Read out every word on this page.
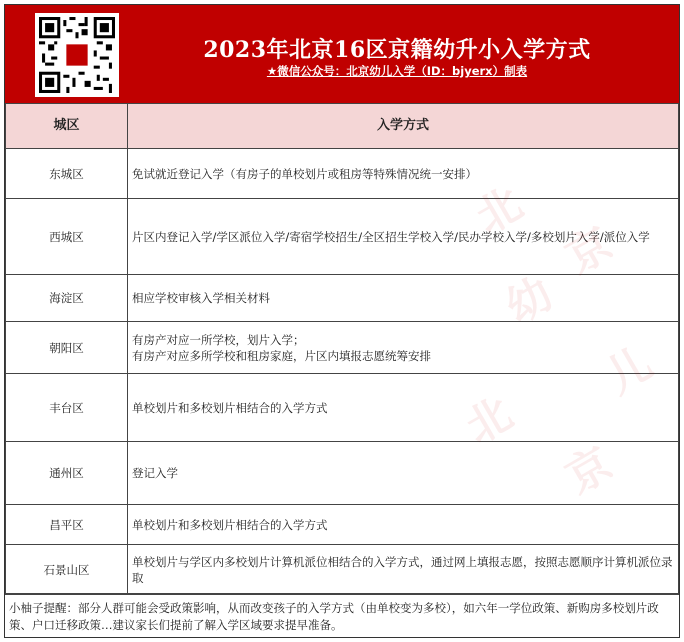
2023年北京16区京籍幼升小入学方式
★微信公众号：北京幼儿入学（ID：bjyerx）制表
城区	入学方式
东城区	免试就近登记入学（有房子的单校划片或租房等特殊情况统一安排）
西城区	片区内登记入学/学区派位入学/寄宿学校招生/全区招生学校入学/民办学校入学/多校划片入学/派位入学
海淀区	相应学校审核入学相关材料
朝阳区	有房产对应一所学校，划片入学；
有房产对应多所学校和租房家庭，片区内填报志愿统筹安排

丰台区	单校划片和多校划片相结合的入学方式
通州区	登记入学
昌平区	单校划片和多校划片相结合的入学方式
石景山区	单校划片与学区内多校划片计算机派位相结合的入学方式，通过网上填报志愿，按照志愿顺序计算机派位录取
小柚子提醒：部分人群可能会受政策影响，从而改变孩子的入学方式（由单校变为多校），如六年一学位政策、新购房多校划片政策、户口迁移政策…建议家长们提前了解入学区域要求提早准备。
北
京
幼
儿
北
京
